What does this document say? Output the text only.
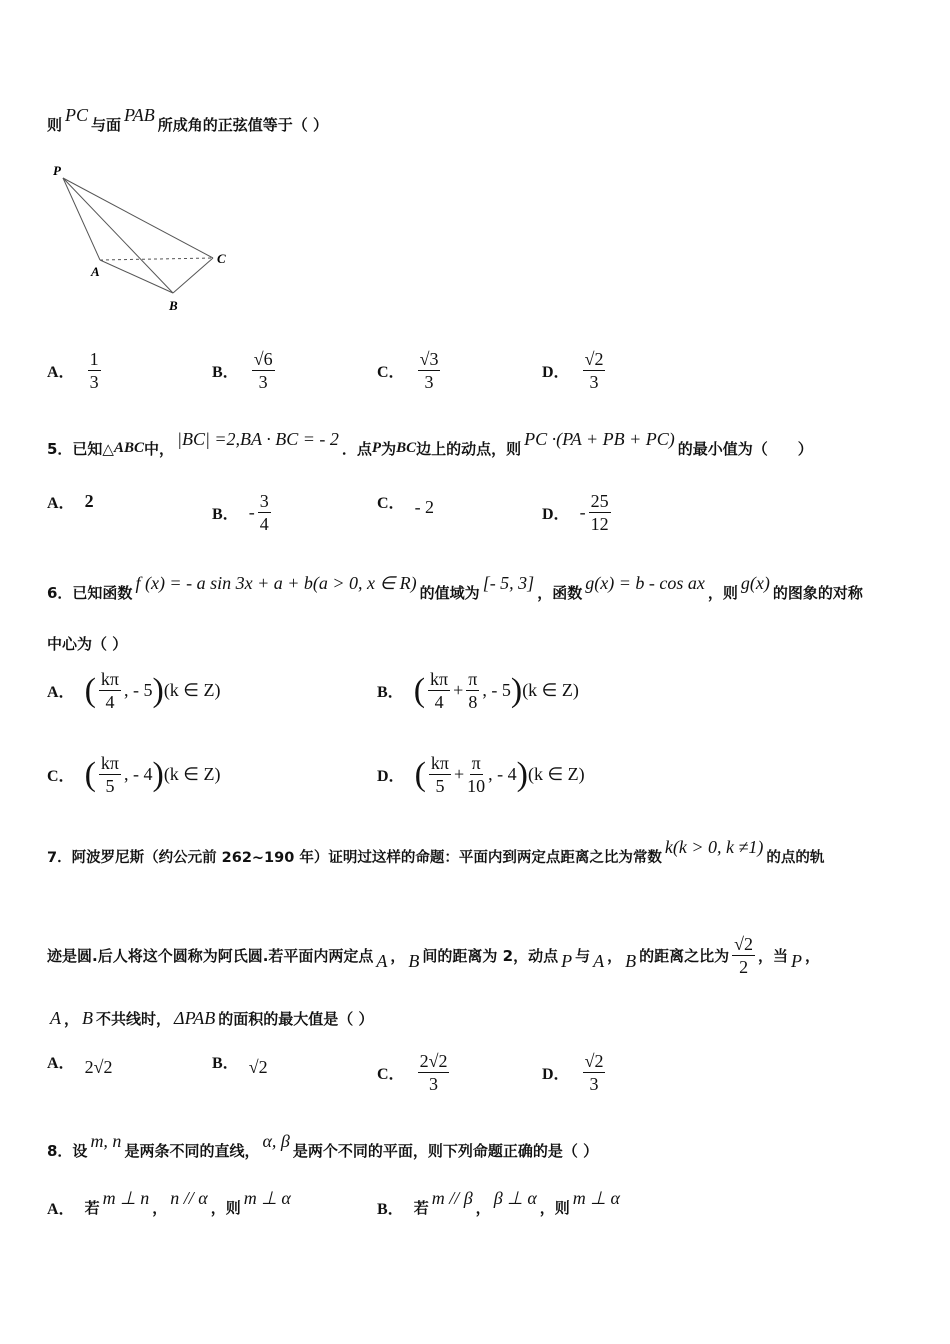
则 PC 与面 PAB 所成角的正弦值等于（ ）
P
A
B
C
A． $\frac{1}{3}$	B． $\frac{√6}{3}$	C． $\frac{√3}{3}$	D． $\frac{√2}{3}$
5．已知△ ABC 中， |BC| =2,BA · BC = - 2 ．点 P 为 BC 边上的动点，则 PC ·(PA + PB + PC) 的最小值为（　　）
A． 2
B． - $\frac{3}{4}$	C． - 2	D． - $\frac{25}{12}$
6．已知函数 f (x) = - a sin 3x + a + b(a > 0, x ∈ R) 的值域为 [- 5, 3] ，函数 g(x) = b - cos ax ，则 g(x) 的图象的对称
中心为（ ）
A． ( $\frac{k\pi}{4}$ , - 5 ) (k ∈ Z)	B． ( $\frac{k\pi}{4} + \frac{\pi}{8}$ , - 5 ) (k ∈ Z)
C． ( $\frac{k\pi}{5}$ , - 4 ) (k ∈ Z)	D． ( $\frac{k\pi}{5} + \frac{\pi}{10}$ , - 4 ) (k ∈ Z)
7．阿波罗尼斯（约公元前 262~190 年）证明过这样的命题：平面内到两定点距离之比为常数
k(k > 0, k ≠1)
的点的轨
迹是圆.后人将这个圆称为阿氏圆.若平面内两定点 A ， B 间的距离为 2，动点 P 与 A ， B 的距离之比为 $\frac{√2}{2}$ ，当 P ，
A ， B 不共线时， ΔPAB 的面积的最大值是（ ）
A． 2√2	B． √2	C． $\frac{2√2}{3}$	D． $\frac{√2}{3}$
8．设 m, n 是两条不同的直线， α, β 是两个不同的平面，则下列命题正确的是（ ）
A． 若 m ⊥ n ， n // α ，则 m ⊥ α
B． 若 m // β ， β ⊥ α ，则 m ⊥ α
